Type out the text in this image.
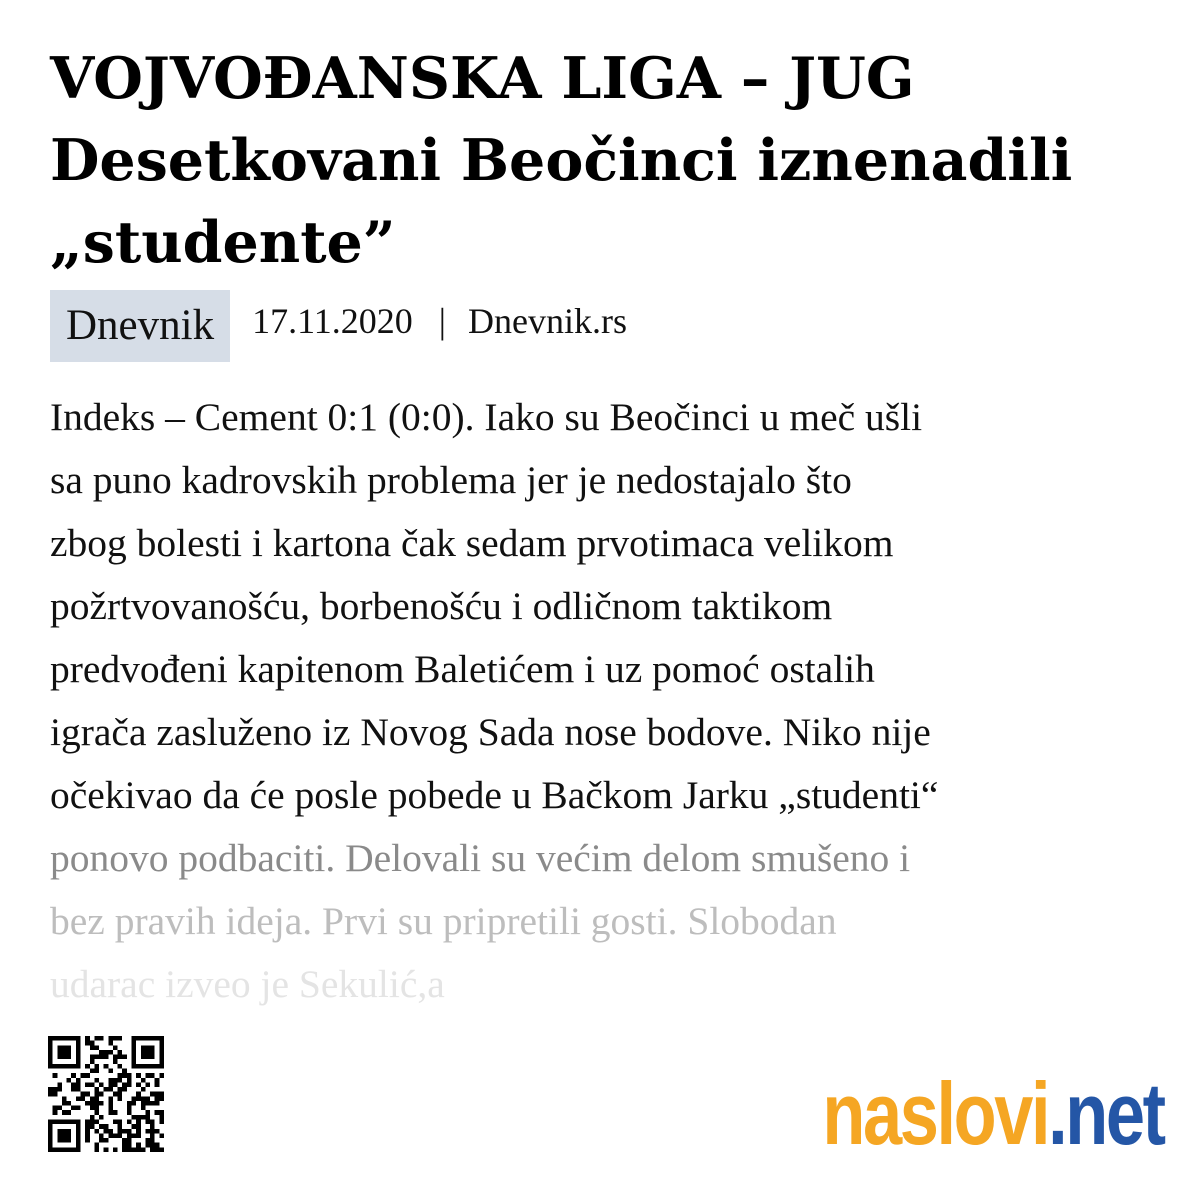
VOJVOĐANSKA LIGA – JUG
Desetkovani Beočinci iznenadili
„studente”
Dnevnik	17.11.2020 | Dnevnik.rs
Indeks – Cement 0:1 (0:0). Iako su Beočinci u meč ušli
sa puno kadrovskih problema jer je nedostajalo što
zbog bolesti i kartona čak sedam prvotimaca velikom
požrtvovanošću, borbenošću i odličnom taktikom
predvođeni kapitenom Baletićem i uz pomoć ostalih
igrača zasluženo iz Novog Sada nose bodove. Niko nije
očekivao da će posle pobede u Bačkom Jarku „studenti“
ponovo podbaciti. Delovali su većim delom smušeno i
bez pravih ideja. Prvi su pripretili gosti. Slobodan
udarac izveo je Sekulić,a
naslovi.net
